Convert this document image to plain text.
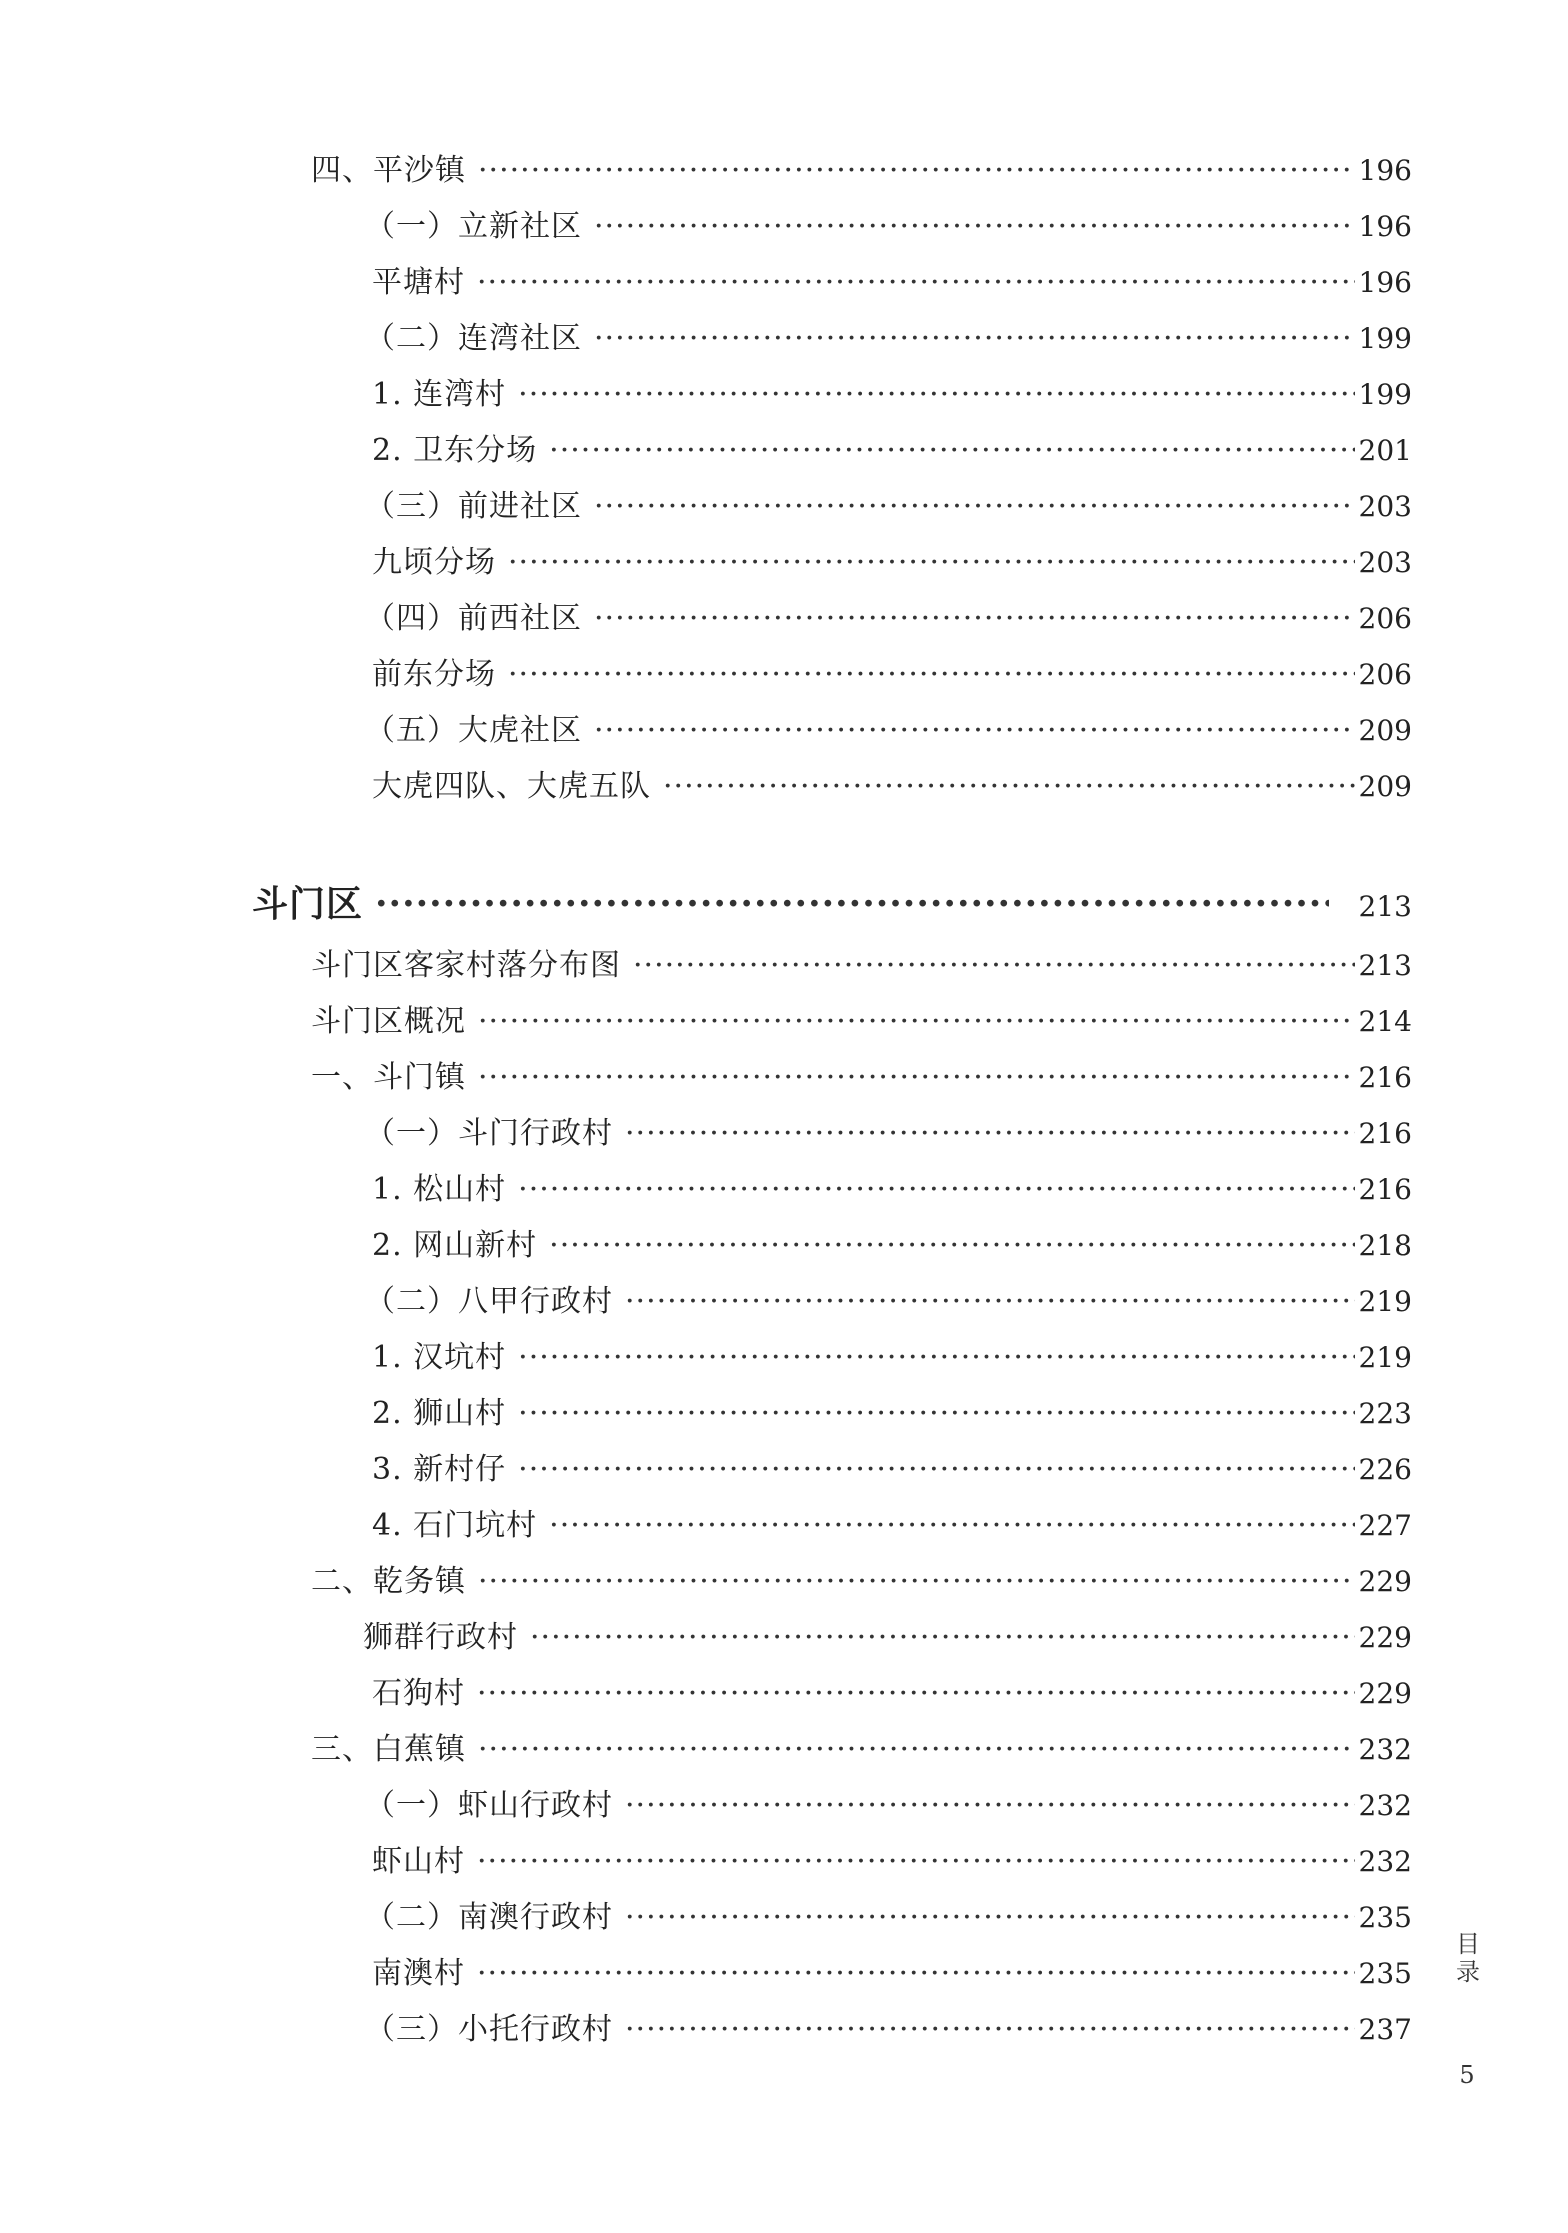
四、平沙镇 ·····	196
（一）立新社区 ·····	196
平塘村 ·····	196
（二）连湾社区 ·····	199
1. 连湾村 ·····	199
2. 卫东分场 ·····	201
（三）前进社区 ·····	203
九顷分场 ·····	203
（四）前西社区 ·····	206
前东分场 ·····	206
（五）大虎社区 ·····	209
大虎四队、大虎五队 ·····	209
斗门区 ·····	213
斗门区客家村落分布图 ·····	213
斗门区概况 ·····	214
一、斗门镇 ·····	216
（一）斗门行政村 ·····	216
1. 松山村 ·····	216
2. 网山新村 ·····	218
（二）八甲行政村 ·····	219
1. 汉坑村 ·····	219
2. 狮山村 ·····	223
3. 新村仔 ·····	226
4. 石门坑村 ·····	227
二、乾务镇 ·····	229
狮群行政村 ·····	229
石狗村 ·····	229
三、白蕉镇 ·····	232
（一）虾山行政村 ·····	232
虾山村 ·····	232
（二）南澳行政村 ·····	235
南澳村 ·····	235
（三）小托行政村 ·····	237
目
录
5
